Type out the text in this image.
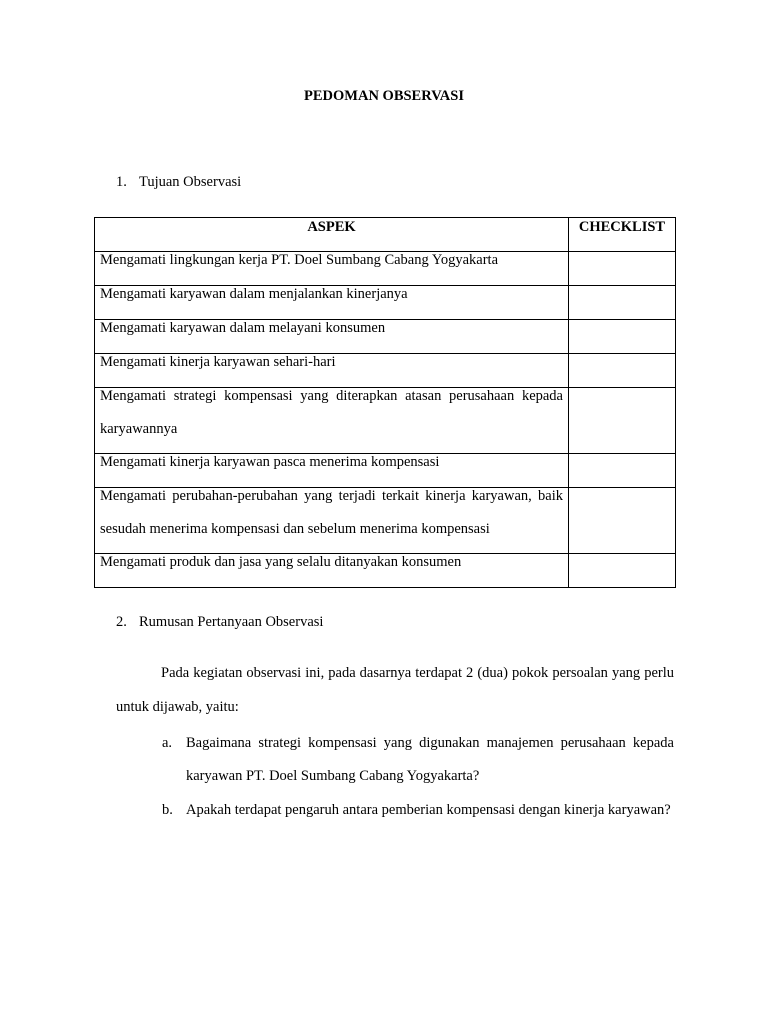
PEDOMAN OBSERVASI
1. Tujuan Observasi
ASPEK	CHECKLIST
Mengamati lingkungan kerja PT. Doel Sumbang Cabang Yogyakarta	
Mengamati karyawan dalam menjalankan kinerjanya	
Mengamati karyawan dalam melayani konsumen	
Mengamati kinerja karyawan sehari-hari	

Mengamati strategi kompensasi yang diterapkan atasan perusahaan kepada karyawannya	

Mengamati kinerja karyawan pasca menerima kompensasi	

Mengamati perubahan-perubahan yang terjadi terkait kinerja karyawan, baik sesudah menerima kompensasi dan sebelum menerima kompensasi	

Mengamati produk dan jasa yang selalu ditanyakan konsumen	
2. Rumusan Pertanyaan Observasi
Pada kegiatan observasi ini, pada dasarnya terdapat 2 (dua) pokok persoalan yang perlu untuk dijawab, yaitu:
a. Bagaimana strategi kompensasi yang digunakan manajemen perusahaan kepada karyawan PT. Doel Sumbang Cabang Yogyakarta?
b. Apakah terdapat pengaruh antara pemberian kompensasi dengan kinerja karyawan?
